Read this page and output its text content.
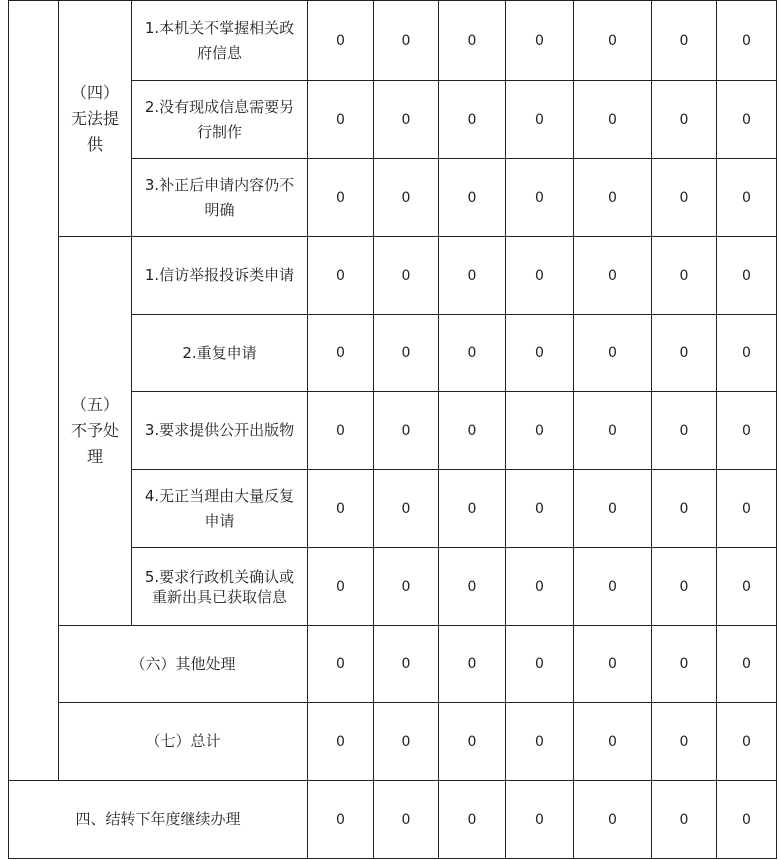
	（四）无法提供	1.本机关不掌握相关政府信息	0	0	0	0	0	0	0
		2.没有现成信息需要另行制作	0	0	0	0	0	0	0
		3.补正后申请内容仍不明确	0	0	0	0	0	0	0
	（五）不予处理	1.信访举报投诉类申请	0	0	0	0	0	0	0
		2.重复申请	0	0	0	0	0	0	0
		3.要求提供公开出版物	0	0	0	0	0	0	0
		4.无正当理由大量反复申请	0	0	0	0	0	0	0
		5.要求行政机关确认或重新出具已获取信息	0	0	0	0	0	0	0
	（六）其他处理		0	0	0	0	0	0	0
	（七）总计		0	0	0	0	0	0	0
四、结转下年度继续办理			0	0	0	0	0	0	0
